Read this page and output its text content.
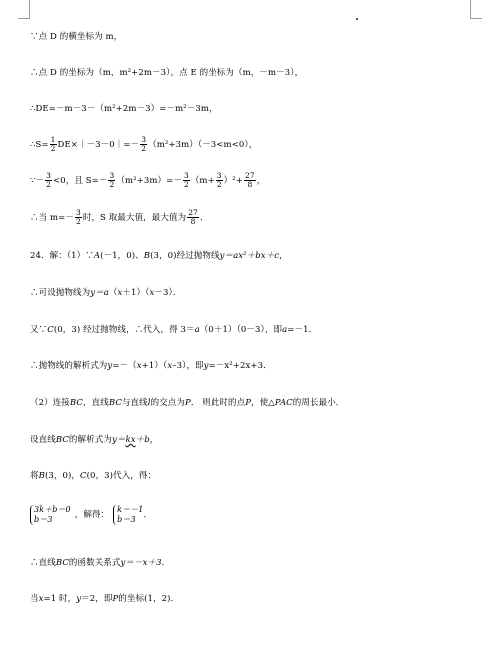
∵点 D 的横坐标为 m，
∴点 D 的坐标为（m，m²+2m－3），点 E 的坐标为（m，－m－3），
∴DE=－m－3－（m²+2m－3）=－m²－3m，
∴S= $\frac{1}{2}$ DE×｜－3－0｜=－ $\frac{3}{2} (m^2+3m)(-3<m<0)$，
∵－ $\frac{3}{2} <0$，且 $S=- \frac{3}{2} (m^2+3m)=- \frac{3}{2} (m+ \frac{3}{2} )^2+ \frac{27}{8}$ ，
∴当 $m=- \frac{3}{2}$ 时，S 取最大值，最大值为 $\frac{27}{8}$ ．
24．解：（1）∵A(－1，0)、B(3，0)经过抛物线y＝ax²＋bx＋c，
∴可设抛物线为y＝a（x＋1）（x－3）．
又∵C(0，3) 经过抛物线，∴代入，得 3＝a（0＋1）（0－3），即a=－1．
∴抛物线的解析式为y=－（x+1）（x–3），即y=－x²+2x+3．
（2）连接BC，直线BC与直线l的交点为P． 则此时的点P，使△PAC的周长最小．
设直线BC的解析式为y＝kx＋b，
将B(3，0)，C(0，3)代入，得：
3k＋b＝0
b＝3	，解得：
k＝－1
b＝3 ．
∴直线BC的函数关系式y＝－x＋3．
当x=1 时，y＝2，即P的坐标(1，2)．
